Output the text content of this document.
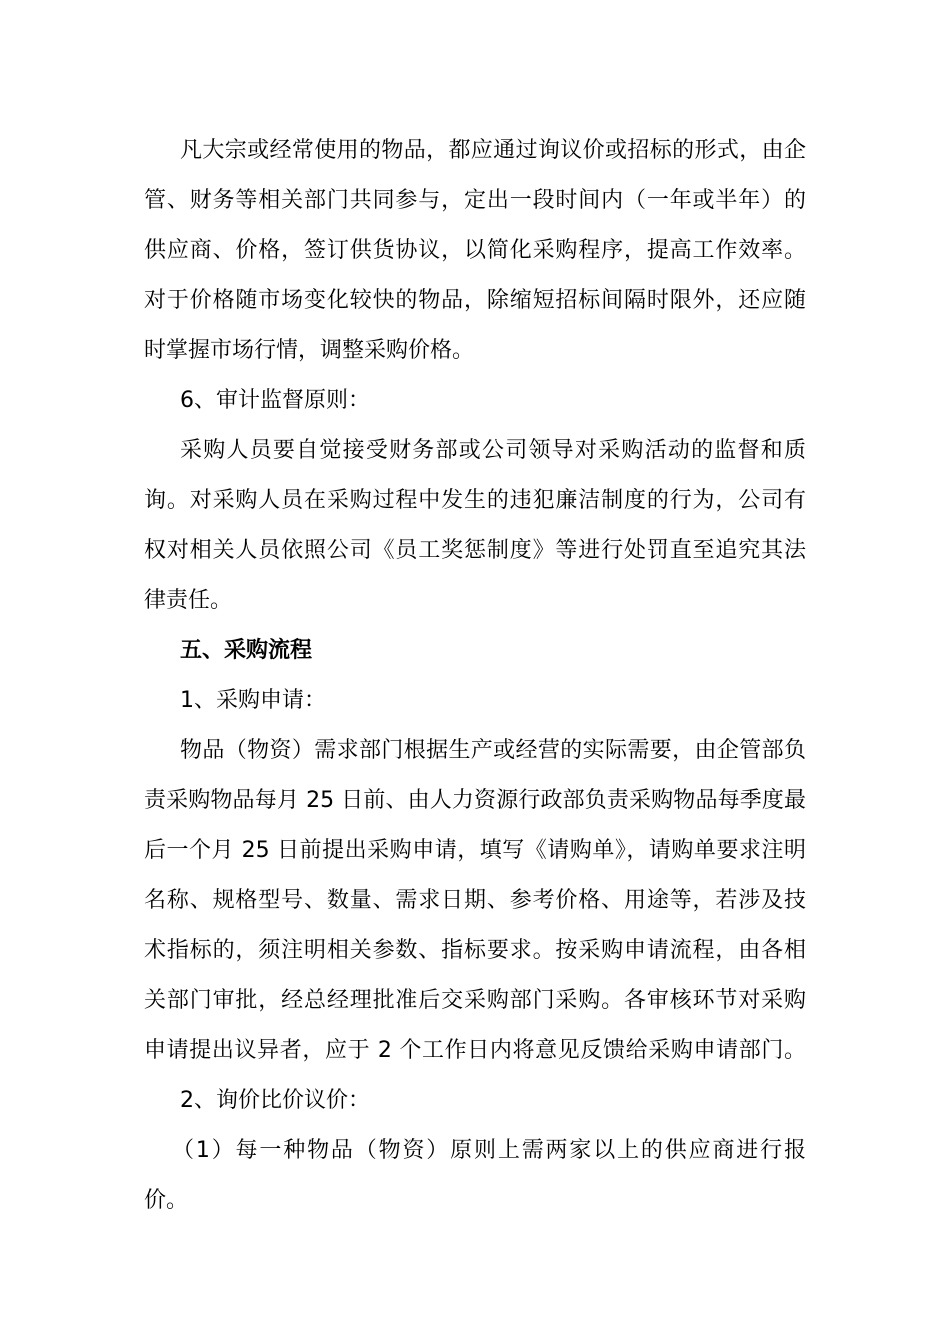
凡大宗或经常使用的物品，都应通过询议价或招标的形式，由企
管、财务等相关部门共同参与，定出一段时间内（一年或半年）的
供应商、价格，签订供货协议，以简化采购程序，提高工作效率。
对于价格随市场变化较快的物品，除缩短招标间隔时限外，还应随
时掌握市场行情，调整采购价格。
6、审计监督原则：
采购人员要自觉接受财务部或公司领导对采购活动的监督和质
询。对采购人员在采购过程中发生的违犯廉洁制度的行为，公司有
权对相关人员依照公司《员工奖惩制度》等进行处罚直至追究其法
律责任。
五、采购流程
1、采购申请：
物品（物资）需求部门根据生产或经营的实际需要，由企管部负
责采购物品每月 25 日前、由人力资源行政部负责采购物品每季度最
后一个月 25 日前提出采购申请，填写《请购单》，请购单要求注明
名称、规格型号、数量、需求日期、参考价格、用途等，若涉及技
术指标的，须注明相关参数、指标要求。按采购申请流程，由各相
关部门审批，经总经理批准后交采购部门采购。各审核环节对采购
申请提出议异者，应于 2 个工作日内将意见反馈给采购申请部门。
2、询价比价议价：
（1）每一种物品（物资）原则上需两家以上的供应商进行报
价。
